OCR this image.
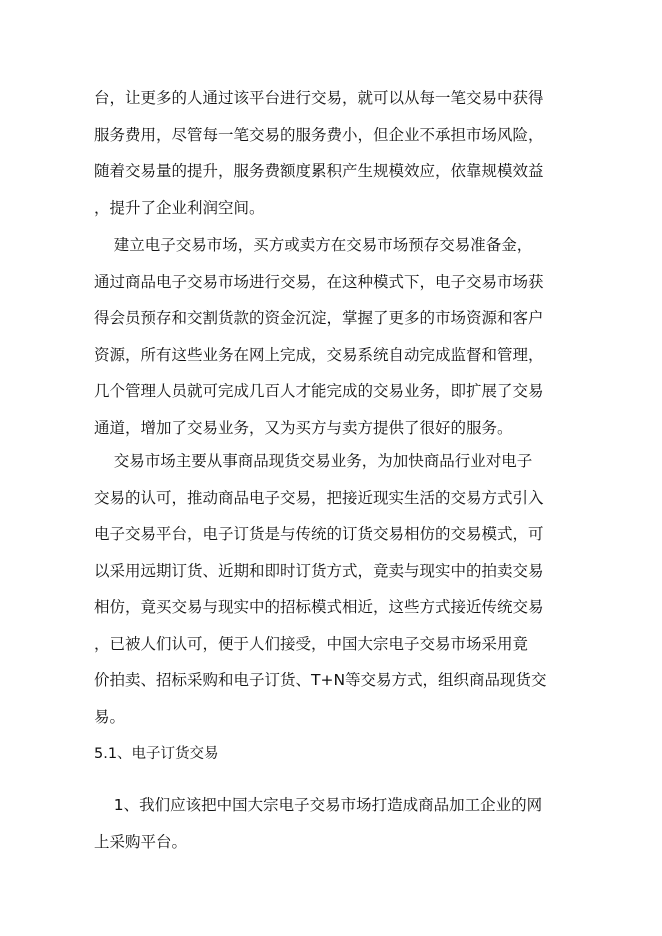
台，让更多的人通过该平台进行交易，就可以从每一笔交易中获得
服务费用，尽管每一笔交易的服务费小，但企业不承担市场风险，
随着交易量的提升，服务费额度累积产生规模效应，依靠规模效益
，提升了企业利润空间。
建立电子交易市场，买方或卖方在交易市场预存交易准备金，
通过商品电子交易市场进行交易，在这种模式下，电子交易市场获
得会员预存和交割货款的资金沉淀，掌握了更多的市场资源和客户
资源，所有这些业务在网上完成，交易系统自动完成监督和管理，
几个管理人员就可完成几百人才能完成的交易业务，即扩展了交易
通道，增加了交易业务，又为买方与卖方提供了很好的服务。
交易市场主要从事商品现货交易业务，为加快商品行业对电子
交易的认可，推动商品电子交易，把接近现实生活的交易方式引入
电子交易平台，电子订货是与传统的订货交易相仿的交易模式，可
以采用远期订货、近期和即时订货方式，竟卖与现实中的拍卖交易
相仿，竟买交易与现实中的招标模式相近，这些方式接近传统交易
，已被人们认可，便于人们接受，中国大宗电子交易市场采用竟
价拍卖、招标采购和电子订货、T+N等交易方式，组织商品现货交
易。
5.1、电子订货交易
1、我们应该把中国大宗电子交易市场打造成商品加工企业的网
上采购平台。
